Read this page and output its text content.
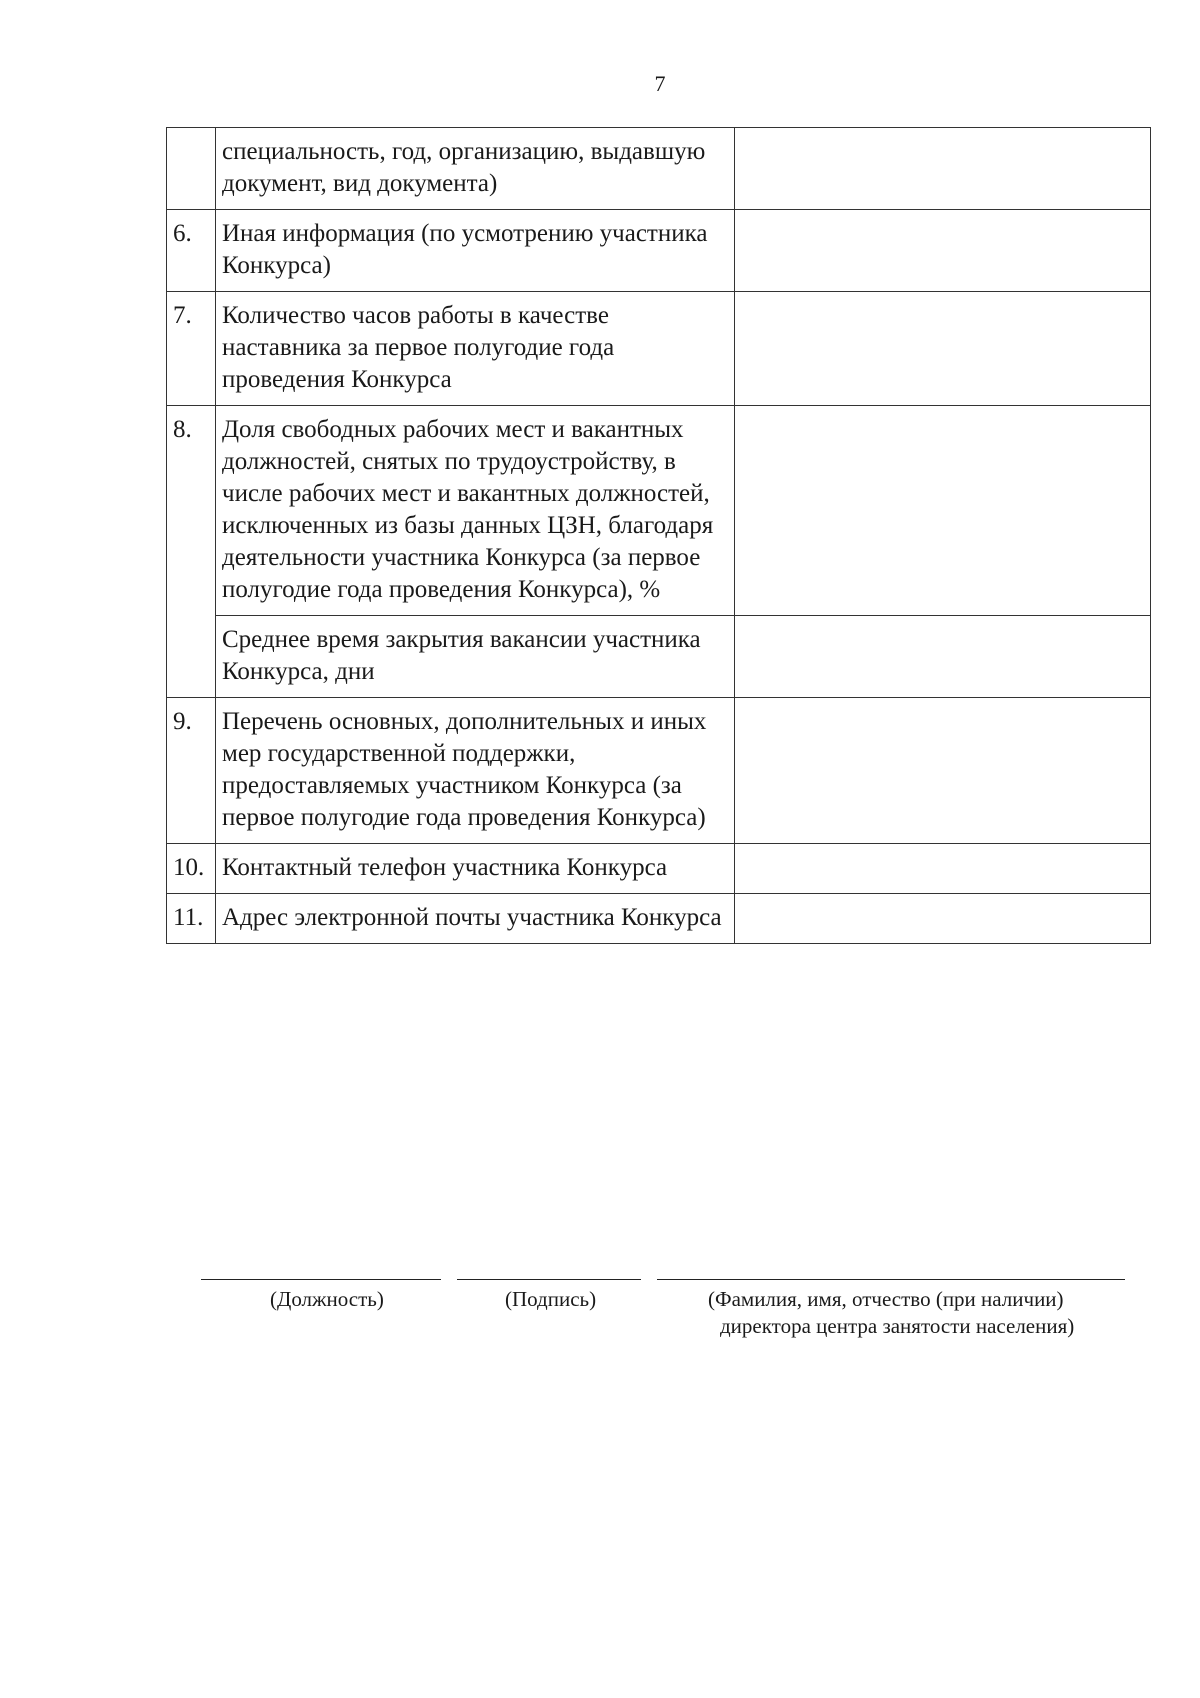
7
	специальность, год, организацию, выдавшую документ, вид документа)	
6.	Иная информация (по усмотрению участника Конкурса)	
7.	Количество часов работы в качестве наставника за первое полугодие года проведения Конкурса	
8.	Доля свободных рабочих мест и вакантных должностей, снятых по трудоустройству, в числе рабочих мест и вакантных должностей, исключенных из базы данных ЦЗН, благодаря деятельности участника Конкурса (за первое полугодие года проведения Конкурса), %	
	Среднее время закрытия вакансии участника Конкурса, дни	
9.	Перечень основных, дополнительных и иных мер государственной поддержки, предоставляемых участником Конкурса (за первое полугодие года проведения Конкурса)	
10.	Контактный телефон участника Конкурса	
11.	Адрес электронной почты участника Конкурса	
(Должность)	(Подпись)	(Фамилия, имя, отчество (при наличии)
директора центра занятости населения)
